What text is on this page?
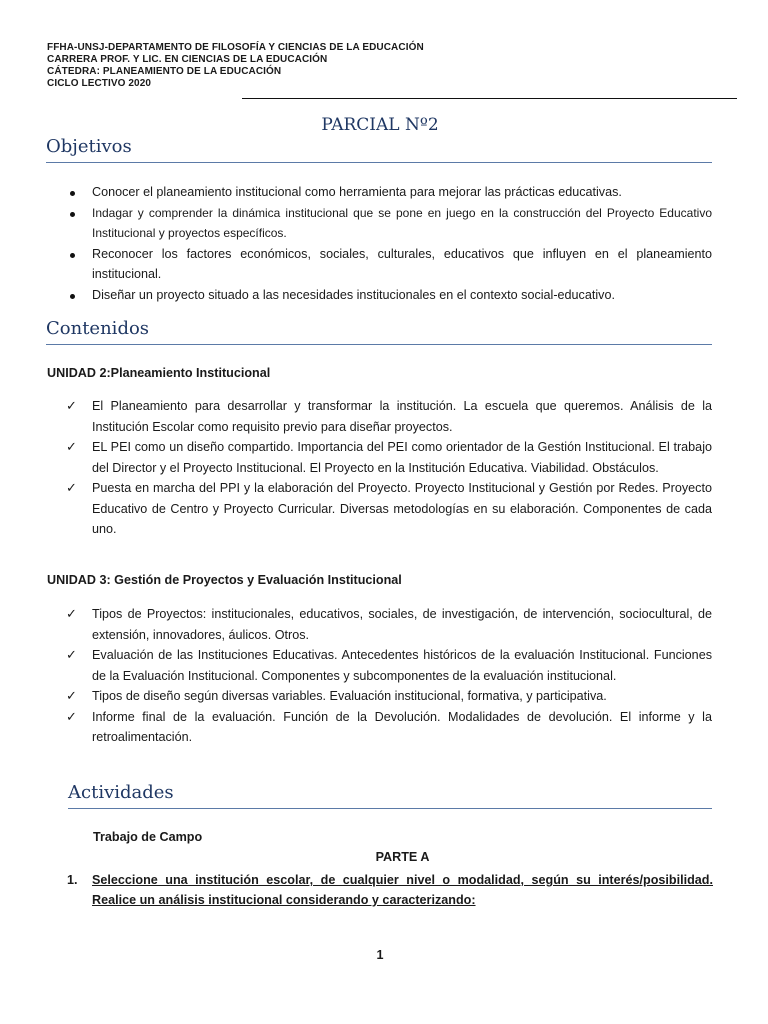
FFHA-UNSJ-DEPARTAMENTO DE FILOSOFÍA Y CIENCIAS DE LA EDUCACIÓN
CARRERA PROF. Y LIC. EN CIENCIAS DE LA EDUCACIÓN
CÁTEDRA: PLANEAMIENTO DE LA EDUCACIÓN
CICLO LECTIVO 2020
PARCIAL Nº2
Objetivos
Conocer el planeamiento institucional como herramienta para mejorar las prácticas educativas.
Indagar y comprender la dinámica institucional que se pone en juego en la construcción del Proyecto Educativo Institucional y proyectos específicos.
Reconocer los factores económicos, sociales, culturales, educativos que influyen en el planeamiento institucional.
Diseñar un proyecto situado a las necesidades institucionales en el contexto social-educativo.
Contenidos
UNIDAD 2:Planeamiento Institucional
✓	El Planeamiento para desarrollar y transformar la institución. La escuela que queremos. Análisis de la Institución Escolar como requisito previo para diseñar proyectos.
✓	EL PEI como un diseño compartido. Importancia del PEI como orientador de la Gestión Institucional. El trabajo del Director y el Proyecto Institucional. El Proyecto en la Institución Educativa. Viabilidad. Obstáculos.
✓	Puesta en marcha del PPI y la elaboración del Proyecto. Proyecto Institucional y Gestión por Redes. Proyecto Educativo de Centro y Proyecto Curricular. Diversas metodologías en su elaboración. Componentes de cada uno.
UNIDAD 3: Gestión de Proyectos y Evaluación Institucional
✓	Tipos de Proyectos: institucionales, educativos, sociales, de investigación, de intervención, sociocultural, de extensión, innovadores, áulicos. Otros.
✓	Evaluación de las Instituciones Educativas. Antecedentes históricos de la evaluación Institucional. Funciones de la Evaluación Institucional. Componentes y subcomponentes de la evaluación institucional.
✓	Tipos de diseño según diversas variables. Evaluación institucional, formativa, y participativa.
✓	Informe final de la evaluación. Función de la Devolución. Modalidades de devolución. El informe y la retroalimentación.
Actividades
Trabajo de Campo
PARTE A
1. Seleccione una institución escolar, de cualquier nivel o modalidad, según su interés/posibilidad. Realice un análisis institucional considerando y caracterizando:
1
